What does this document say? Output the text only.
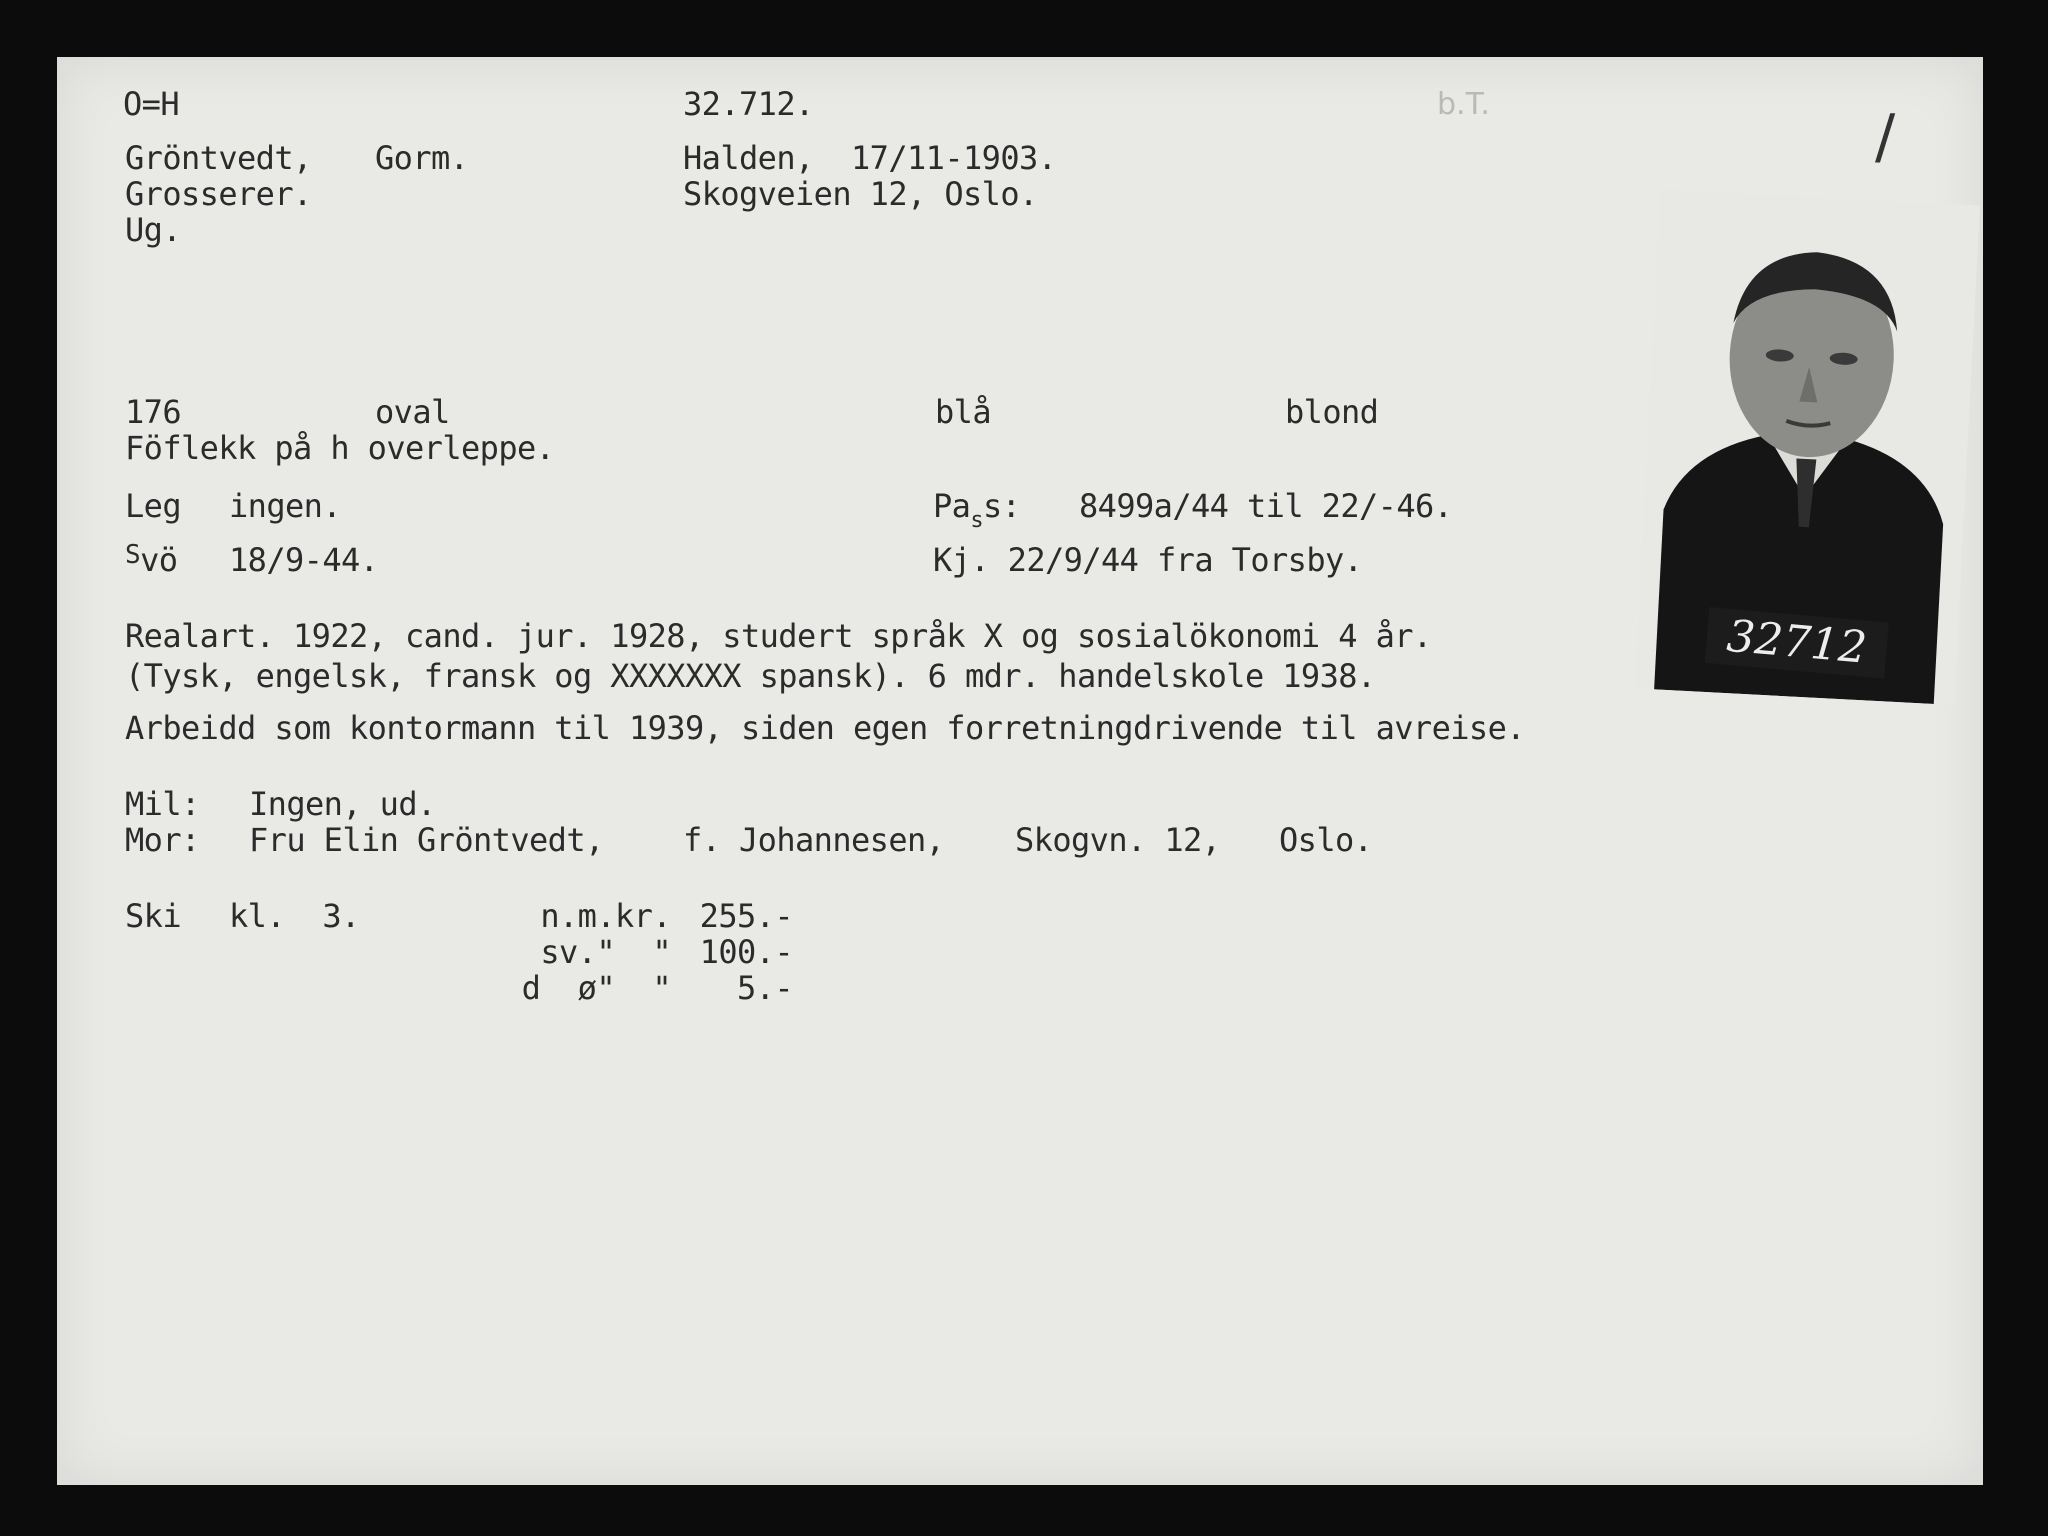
O=H	32.712.	b.T.	/
Gröntvedt, Gorm.	Halden,  17/11-1903.
Grosserer.	Skogveien 12, Oslo.
Ug.
176	oval	blå	blond
Föflekk på h overleppe.
Leg ingen.	$Pa_ss$: 8499a/44 til 22/-46.
$^S$vö 18/9-44.	Kj. 22/9/44 fra Torsby.
Realart. 1922, cand. jur. 1928, studert språk X og sosialökonomi 4 år.
(Tysk, engelsk, fransk og XXXXXXX spansk). 6 mdr. handelskole 1938.
Arbeidd som kontormann til 1939, siden egen forretningdrivende til avreise.
Mil: Ingen, ud.
Mor: Fru Elin Gröntvedt, f. Johannesen, Skogvn. 12, Oslo.
Ski kl.  3.	n.m.kr. 255.-
sv."  " 100.-
d  ø"  "	5.-
32712
